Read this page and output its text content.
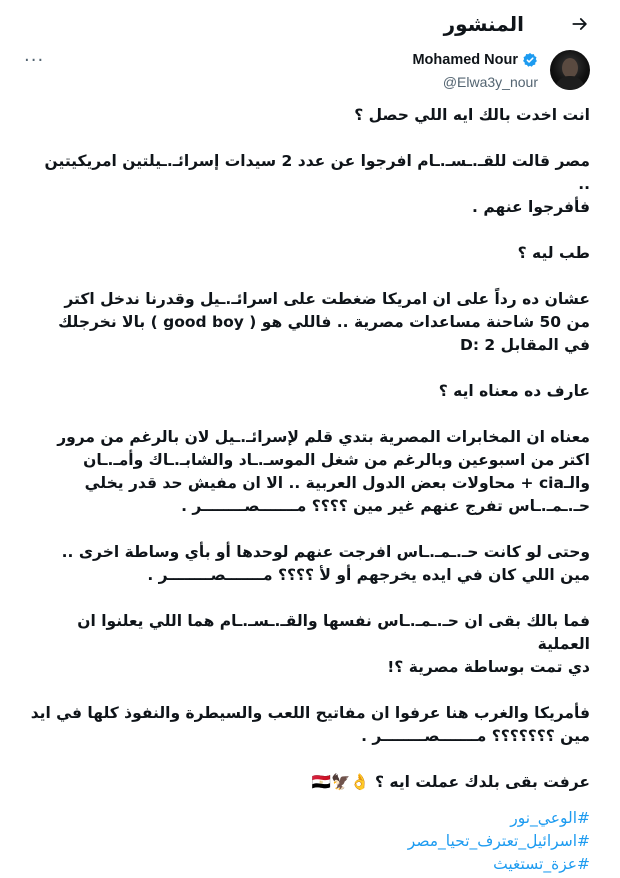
المنشور
Mohamed Nour
@Elwa3y_nour
···

انت اخدت بالك ايه اللي حصل ؟

مصر قالت للقـ.ـسـ.ـام افرجوا عن عدد 2 سيدات إسرائـ.ـيلتين امريكيتين ..
فأفرجوا عنهم .

طب ليه ؟

عشان ده رداً على ان امريكا ضغطت على اسرائـ.ـيل وقدرنا ندخل اكتر
من 50 شاحنة مساعدات مصرية .. فاللي هو ( good boy ) بالا نخرجلك
في المقابل D: 2

عارف ده معناه ايه ؟

معناه ان المخابرات المصرية بتدي قلم لإسرائـ.ـيل لان بالرغم من مرور
اكتر من اسبوعين وبالرغم من شغل الموسـ.ـاد والشابـ.ـاك وأمـ.ـان
والـcia + محاولات بعض الدول العربية .. الا ان مفيش حد قدر يخلي
حـ.ـمـ.ـاس تفرج عنهم غير مين ؟؟؟؟ مـــــــصــــــــر .

وحتى لو كانت حـ.ـمـ.ـاس افرجت عنهم لوحدها أو بأي وساطة اخرى ..
مين اللي كان في ايده يخرجهم أو لأ ؟؟؟؟ مـــــــصــــــــر .

فما بالك بقى ان حـ.ـمـ.ـاس نفسها والقـ.ـسـ.ـام هما اللي يعلنوا ان العملية
دي تمت بوساطة مصرية ؟!

فأمريكا والغرب هنا عرفوا ان مفاتيح اللعب والسيطرة والنفوذ كلها في ايد
مين ؟؟؟؟؟؟؟ مـــــــصــــــــر .

عرفت بقى بلدك عملت ايه ؟ 👌🦅🇪🇬

#الوعي_نور
#اسرائيل_تعترف_تحيا_مصر
#عزة_تستغيث
